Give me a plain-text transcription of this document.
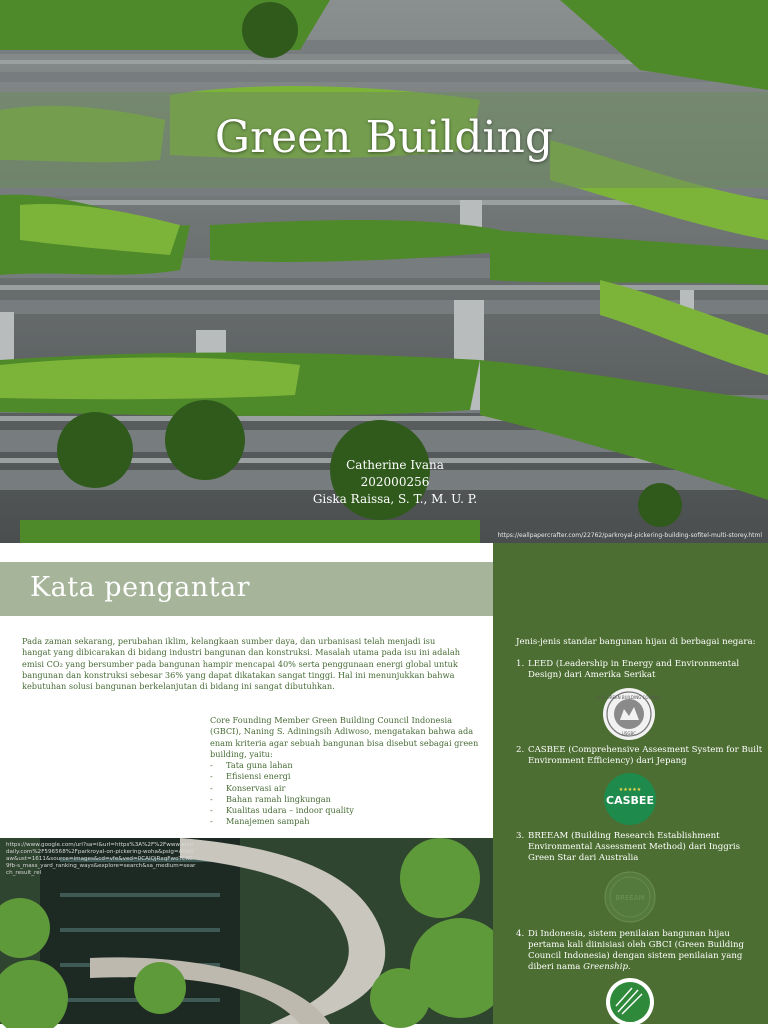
Green Building
Catherine Ivana
202000256
Giska Raissa, S. T., M. U. P.
https://eallpapercrafter.com/22762/parkroyal-pickering-building-sofitel-multi-storey.html
Kata pengantar
Pada zaman sekarang, perubahan iklim, kelangkaan sumber daya, dan urbanisasi telah menjadi isu hangat yang dibicarakan di bidang industri bangunan dan konstruksi. Masalah utama pada isu ini adalah emisi CO₂ yang bersumber pada bangunan hampir mencapai 40% serta penggunaan energi global untuk bangunan dan konstruksi sebesar 36% yang dapat dikatakan sangat tinggi. Hal ini menunjukkan bahwa kebutuhan solusi bangunan berkelanjutan di bidang ini sangat dibutuhkan.
Core Founding Member Green Building Council Indonesia (GBCI), Naning S. Adiningsih Adiwoso, mengatakan bahwa ada enam kriteria agar sebuah bangunan bisa disebut sebagai green building, yaitu:
- Tata guna lahan
- Efisiensi energi
- Konservasi air
- Bahan ramah lingkungan
- Kualitas udara – indoor quality
- Manajemen sampah
https://www.google.com/url?sa=i&url=https%3A%2F%2Fwww.archdaily.com%2F596568%2Fparkroyal-on-pickering-woha&psig=AOvVaw&ust=1611&source=images&cd=vfe&ved=0CAIQjRxqFwoTCKC-9fb-s_mass_yard_ranking_ways&explore=search&sa_medium=search_result_rel
Jenis-jenis standar bangunan hijau di berbagai negara:
1. LEED (Leadership in Energy and Environmental Design) dari Amerika Serikat
U.S. GREEN BUILDING COUNCIL
USGBC
2. CASBEE (Comprehensive Assesment System for Built Environment Efficiency) dari Jepang
CASBEE
★★★★★
3. BREEAM (Building Research Establishment Environmental Assessment Method) dari Inggris Green Star dari Australia
BREEAM
4. Di Indonesia, sistem penilaian bangunan hijau pertama kali diinisiasi oleh GBCI (Green Building Council Indonesia) dengan sistem penilaian yang diberi nama Greenship.
GBCI
